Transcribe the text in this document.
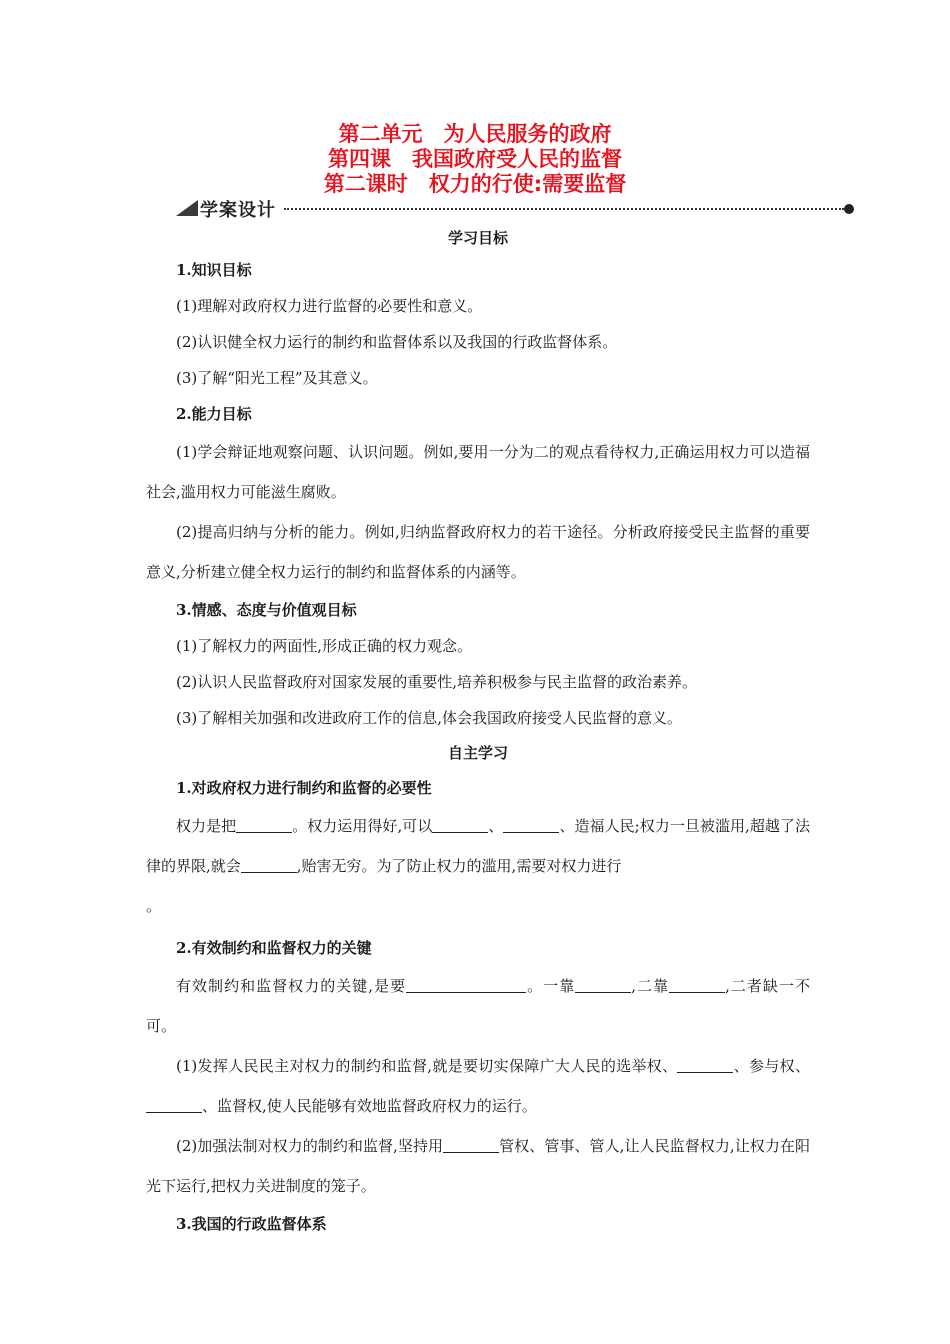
第二单元　为人民服务的政府
第四课　我国政府受人民的监督
第二课时　权力的行使:需要监督
学案设计
学习目标
1.知识目标
(1)理解对政府权力进行监督的必要性和意义。
(2)认识健全权力运行的制约和监督体系以及我国的行政监督体系。
(3)了解“阳光工程”及其意义。
2.能力目标
(1)学会辩证地观察问题、认识问题。例如,要用一分为二的观点看待权力,正确运用权力可以造福社会,滥用权力可能滋生腐败。
(2)提高归纳与分析的能力。例如,归纳监督政府权力的若干途径。分析政府接受民主监督的重要意义,分析建立健全权力运行的制约和监督体系的内涵等。
3.情感、态度与价值观目标
(1)了解权力的两面性,形成正确的权力观念。
(2)认识人民监督政府对国家发展的重要性,培养积极参与民主监督的政治素养。
(3)了解相关加强和改进政府工作的信息,体会我国政府接受人民监督的意义。
自主学习
1.对政府权力进行制约和监督的必要性
权力是把	。权力运用得好,可以	、	、造福人民;权力一旦被滥用,超越了法律的界限,就会	,贻害无穷。为了防止权力的滥用,需要对权力进行
。
2.有效制约和监督权力的关键
有效制约和监督权力的关键,是要	。一靠	,二靠	,二者缺一不可。
(1)发挥人民民主对权力的制约和监督,就是要切实保障广大人民的选举权、	、参与权、、监督权,使人民能够有效地监督政府权力的运行。
(2)加强法制对权力的制约和监督,坚持用	管权、管事、管人,让人民监督权力,让权力在阳光下运行,把权力关进制度的笼子。
3.我国的行政监督体系
